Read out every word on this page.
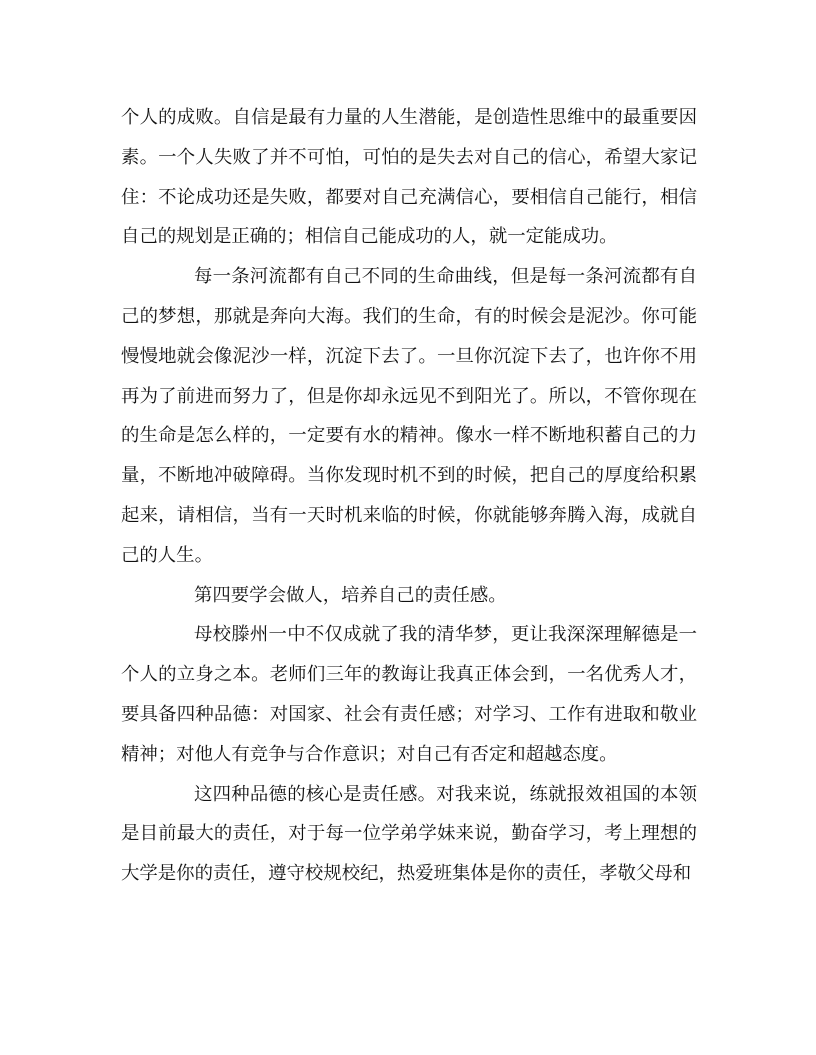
个人的成败。自信是最有力量的人生潜能，是创造性思维中的最重要因素。一个人失败了并不可怕，可怕的是失去对自己的信心，希望大家记住：不论成功还是失败，都要对自己充满信心，要相信自己能行，相信自己的规划是正确的；相信自己能成功的人，就一定能成功。

每一条河流都有自己不同的生命曲线，但是每一条河流都有自己的梦想，那就是奔向大海。我们的生命，有的时候会是泥沙。你可能慢慢地就会像泥沙一样，沉淀下去了。一旦你沉淀下去了，也许你不用再为了前进而努力了，但是你却永远见不到阳光了。所以，不管你现在的生命是怎么样的，一定要有水的精神。像水一样不断地积蓄自己的力量，不断地冲破障碍。当你发现时机不到的时候，把自己的厚度给积累起来，请相信，当有一天时机来临的时候，你就能够奔腾入海，成就自己的人生。

第四要学会做人，培养自己的责任感。

母校滕州一中不仅成就了我的清华梦，更让我深深理解德是一个人的立身之本。老师们三年的教诲让我真正体会到，一名优秀人才，要具备四种品德：对国家、社会有责任感；对学习、工作有进取和敬业精神；对他人有竞争与合作意识；对自己有否定和超越态度。

这四种品德的核心是责任感。对我来说，练就报效祖国的本领是目前最大的责任，对于每一位学弟学妹来说，勤奋学习，考上理想的大学是你的责任，遵守校规校纪，热爱班集体是你的责任，孝敬父母和
